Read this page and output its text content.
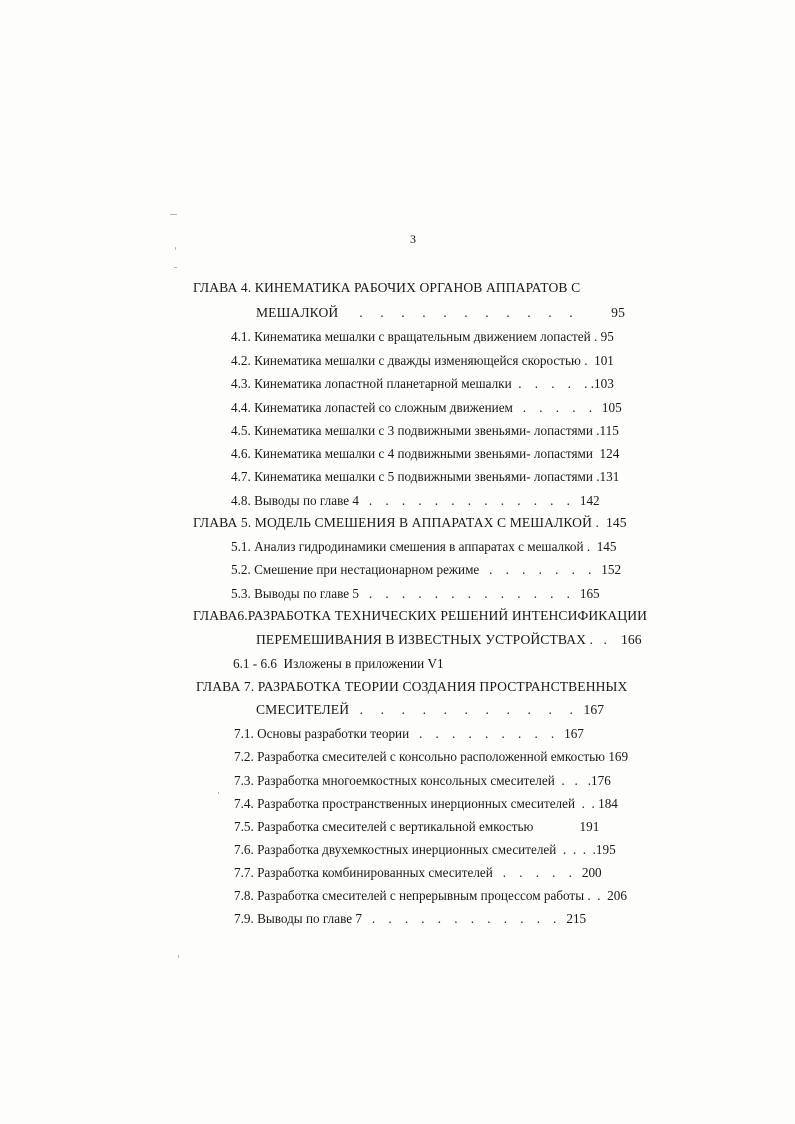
3
ГЛАВА 4. КИНЕМАТИКА РАБОЧИХ ОРГАНОВ АППАРАТОВ С
МЕШАЛКОЙ      .     .     .     .     .     .     .     .     .     .     .           95
4.1. Кинематика мешалки с вращательным движением лопастей . 95
4.2. Кинематика мешалки с дважды изменяющейся скоростью .  101
4.3. Кинематика лопастной планетарной мешалки  .    .    .    .    . .103
4.4. Кинематика лопастей со сложным движением   .    .    .    .    .   105
4.5. Кинематика мешалки с 3 подвижными звеньями- лопастями .115
4.6. Кинематика мешалки с 4 подвижными звеньями- лопастями  124
4.7. Кинематика мешалки с 5 подвижными звеньями- лопастями .131
4.8. Выводы по главе 4   .    .    .    .    .    .    .    .    .    .    .    .    .   142
ГЛАВА 5. МОДЕЛЬ СМЕШЕНИЯ В АППАРАТАХ С МЕШАЛКОЙ .  145
5.1. Анализ гидродинамики смешения в аппаратах с мешалкой .  145
5.2. Смешение при нестационарном режиме   .    .    .    .    .    .    .   152
5.3. Выводы по главе 5   .    .    .    .    .    .    .    .    .    .    .    .    .   165
ГЛАВА6.РАЗРАБОТКА ТЕХНИЧЕСКИХ РЕШЕНИЙ ИНТЕНСИФИКАЦИИ
ПЕРЕМЕШИВАНИЯ В ИЗВЕСТНЫХ УСТРОЙСТВАХ .   .    166
6.1 - 6.6  Изложены в приложении V1
ГЛАВА 7. РАЗРАБОТКА ТЕОРИИ СОЗДАНИЯ ПРОСТРАНСТВЕННЫХ
СМЕСИТЕЛЕЙ   .     .     .     .     .     .     .     .     .     .     .   167
7.1. Основы разработки теории   .    .    .    .    .    .    .    .    .   167
7.2. Разработка смесителей с консольно расположенной емкостью 169
7.3. Разработка многоемкостных консольных смесителей  .   .   .176
7.4. Разработка пространственных инерционных смесителей  .  . 184
7.5. Разработка смесителей с вертикальной емкостью              191
7.6. Разработка двухемкостных инерционных смесителей  .  .  .  .195
7.7. Разработка комбинированных смесителей   .    .    .    .    .   200
7.8. Разработка смесителей с непрерывным процессом работы .  .  206
7.9. Выводы по главе 7   .    .    .    .    .    .    .    .    .    .    .    .   215
